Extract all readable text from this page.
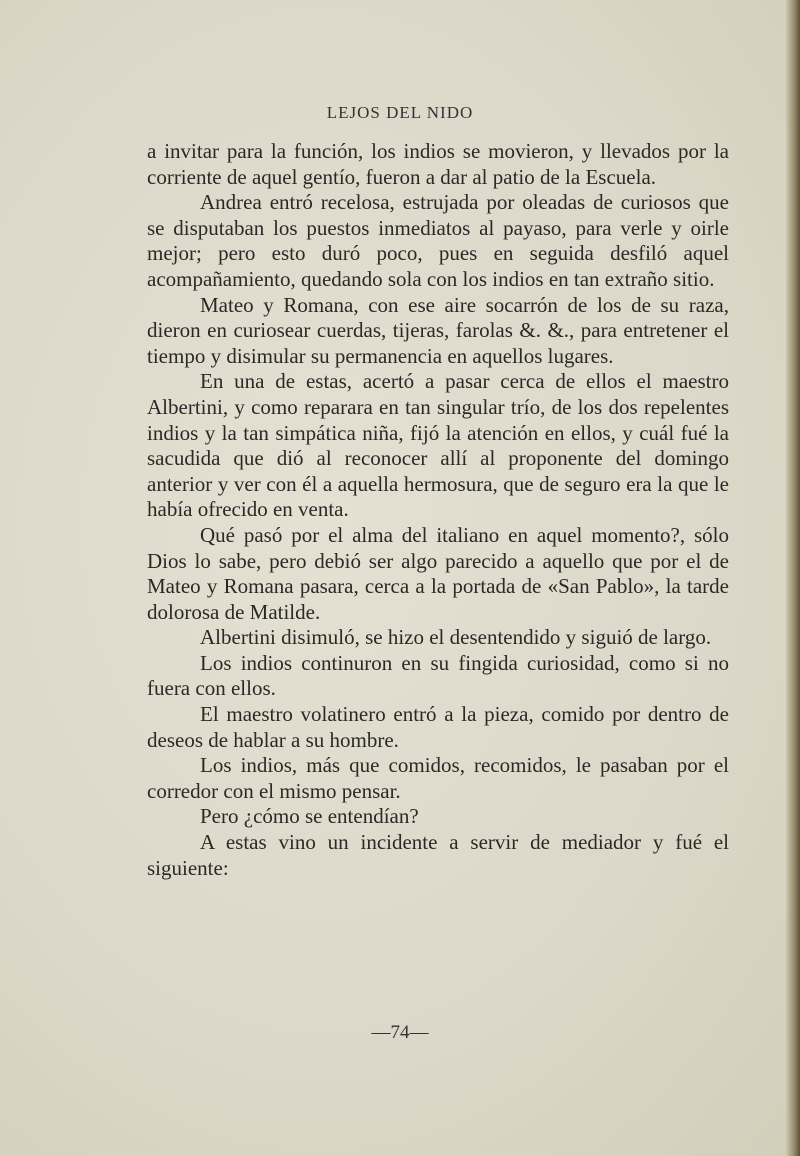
LEJOS DEL NIDO

a invitar para la función, los indios se movieron, y llevados por la corriente de aquel gentío, fueron a dar al patio de la Escuela.

Andrea entró recelosa, estrujada por oleadas de curiosos que se disputaban los puestos inmediatos al payaso, para verle y oirle mejor; pero esto duró poco, pues en seguida desfiló aquel acompañamiento, quedando sola con los indios en tan extraño sitio.

Mateo y Romana, con ese aire socarrón de los de su raza, dieron en curiosear cuerdas, tijeras, farolas &. &., para entretener el tiempo y disimular su permanencia en aquellos lugares.

En una de estas, acertó a pasar cerca de ellos el maestro Albertini, y como reparara en tan singular trío, de los dos repelentes indios y la tan simpática niña, fijó la atención en ellos, y cuál fué la sacudida que dió al reconocer allí al proponente del domingo anterior y ver con él a aquella hermosura, que de seguro era la que le había ofrecido en venta.

Qué pasó por el alma del italiano en aquel momento?, sólo Dios lo sabe, pero debió ser algo parecido a aquello que por el de Mateo y Romana pasara, cerca a la portada de «San Pablo», la tarde dolorosa de Matilde.

Albertini disimuló, se hizo el desentendido y siguió de largo.

Los indios continuron en su fingida curiosidad, como si no fuera con ellos.

El maestro volatinero entró a la pieza, comido por dentro de deseos de hablar a su hombre.

Los indios, más que comidos, recomidos, le pasaban por el corredor con el mismo pensar.

Pero ¿cómo se entendían?

A estas vino un incidente a servir de mediador y fué el siguiente:

—74—
